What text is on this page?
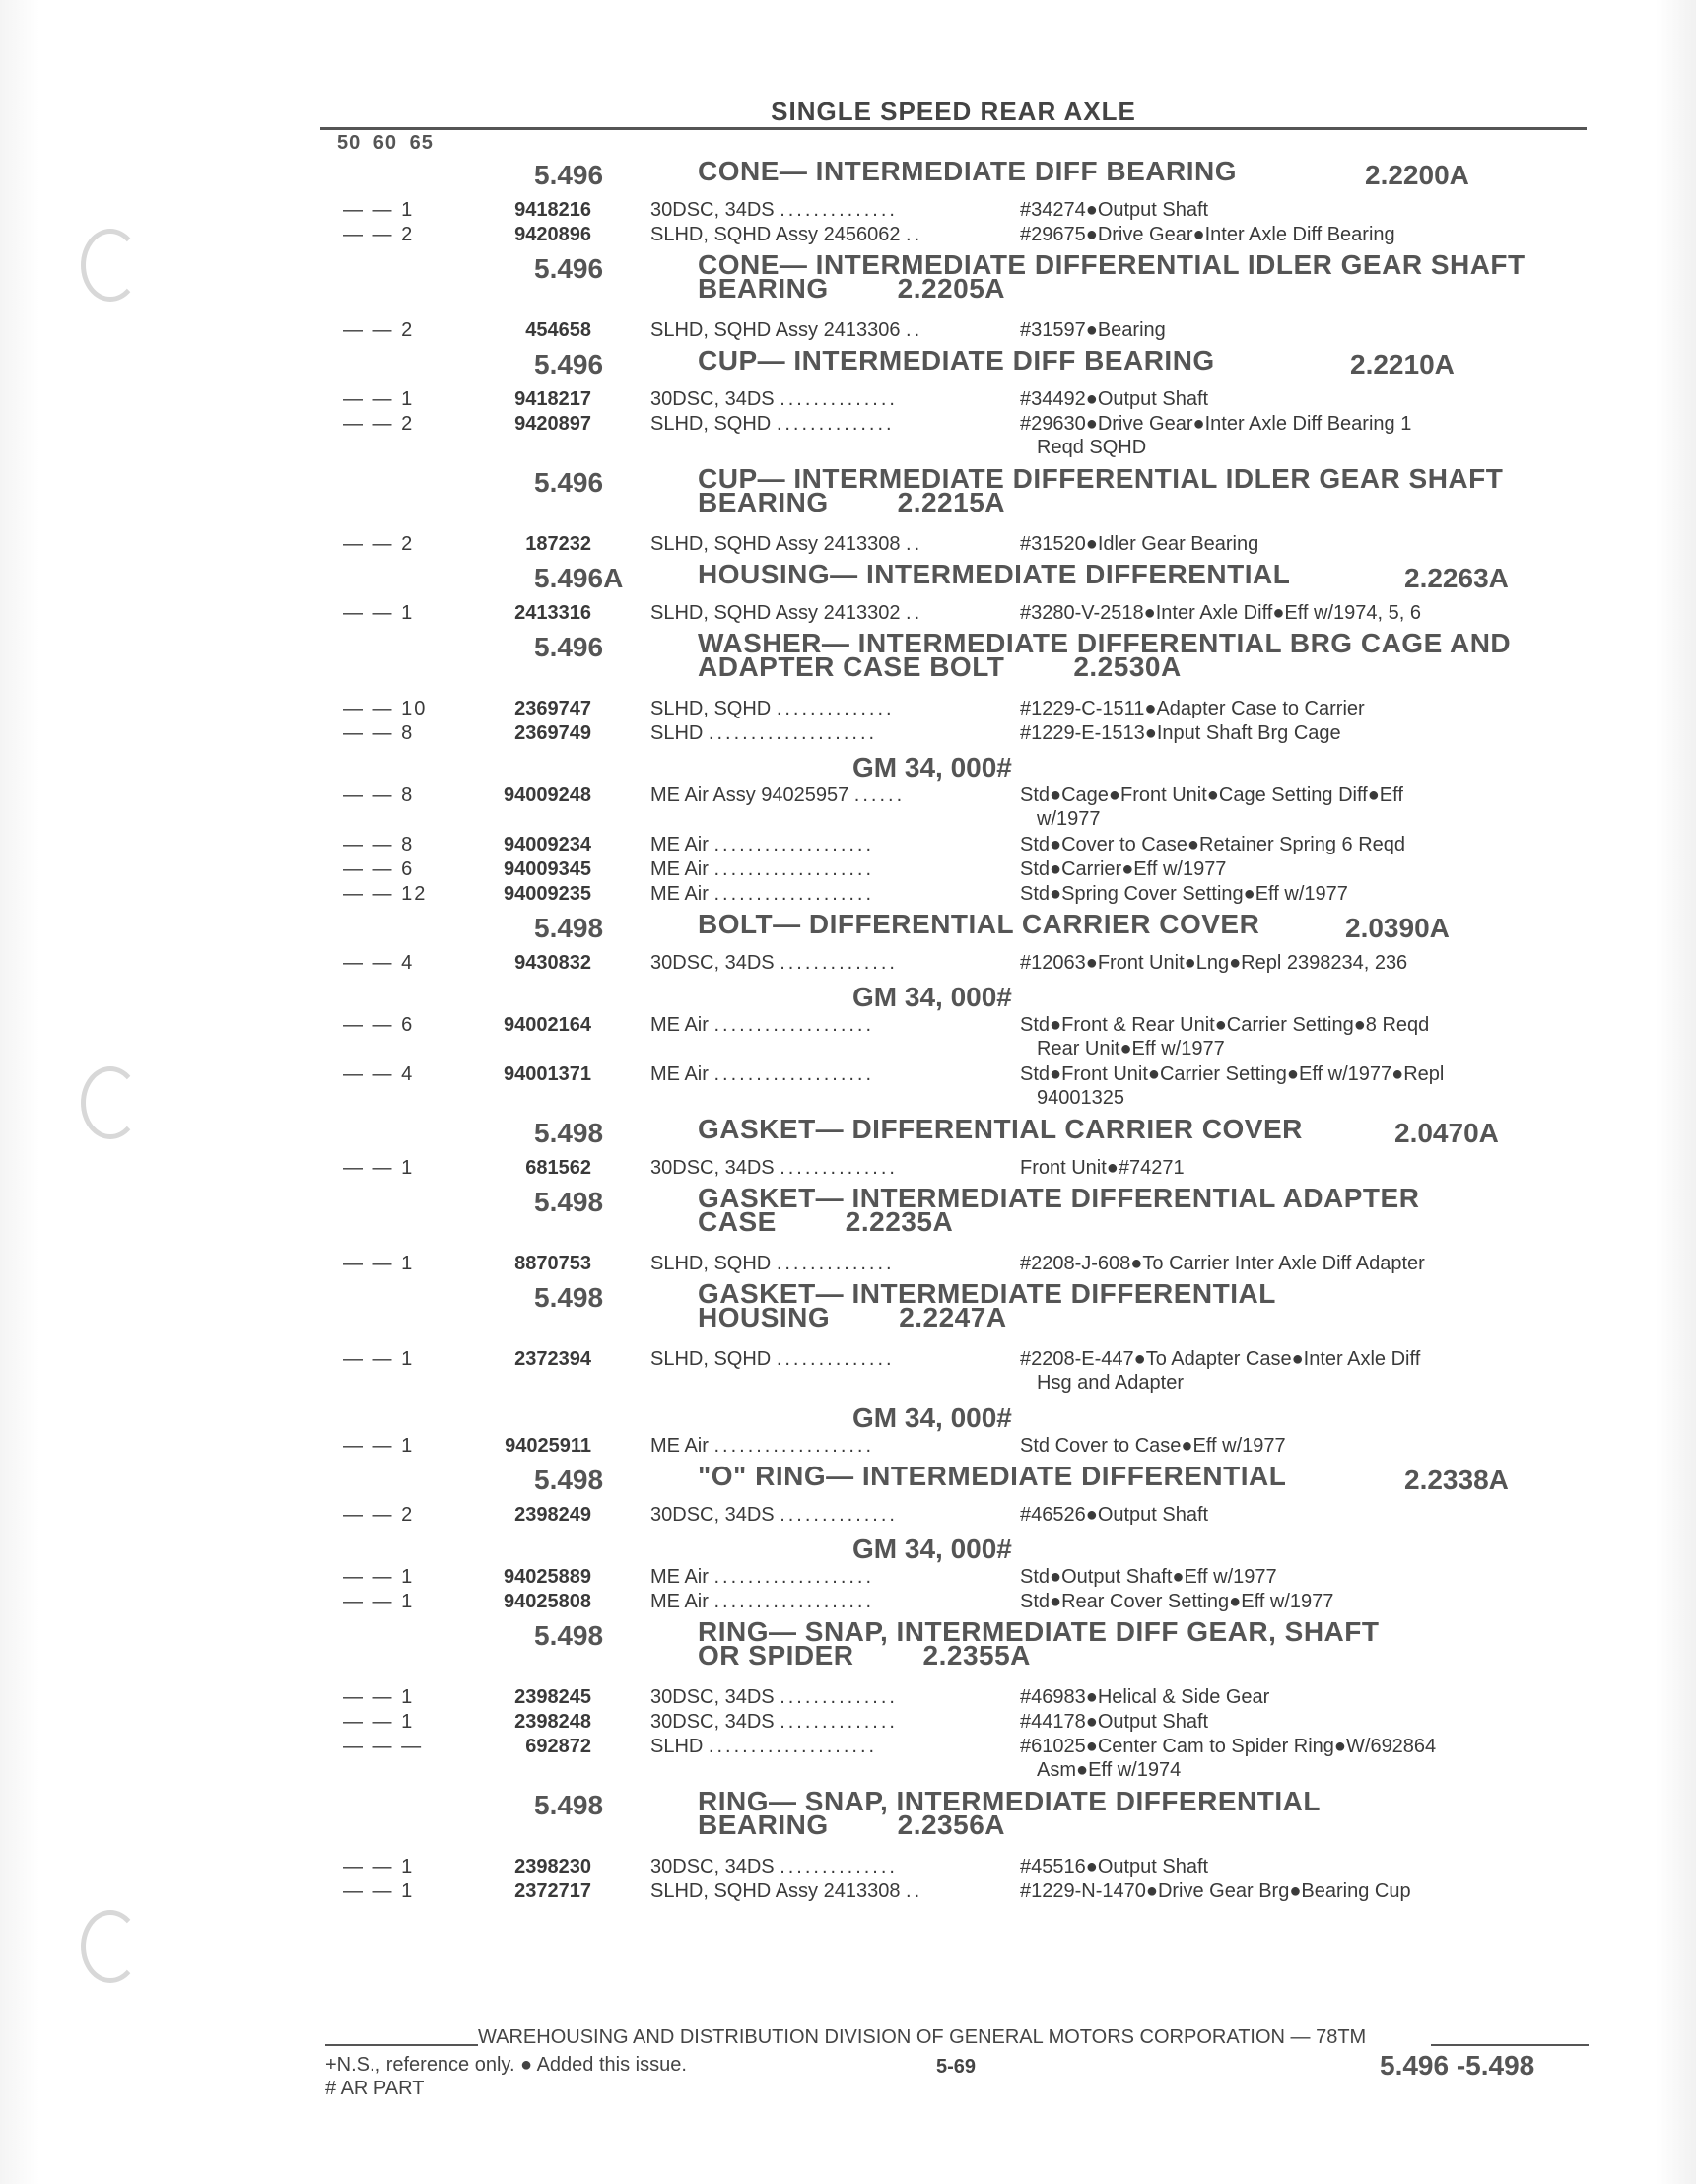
SINGLE SPEED REAR AXLE
50 60 65
5.496	CONE— INTERMEDIATE DIFF BEARING	2.2200A
— — 1	9418216	30DSC, 34DS ..............	#34274●Output Shaft
— — 2	9420896	SLHD, SQHD Assy 2456062 ..	#29675●Drive Gear●Inter Axle Diff Bearing
5.496	CONE— INTERMEDIATE DIFFERENTIAL IDLER GEAR SHAFT
BEARING	2.2205A
— — 2	454658	SLHD, SQHD Assy 2413306 ..	#31597●Bearing
5.496	CUP— INTERMEDIATE DIFF BEARING	2.2210A
— — 1	9418217	30DSC, 34DS ..............	#34492●Output Shaft
— — 2	9420897	SLHD, SQHD ..............	#29630●Drive Gear●Inter Axle Diff Bearing 1
Reqd SQHD
5.496	CUP— INTERMEDIATE DIFFERENTIAL IDLER GEAR SHAFT
BEARING	2.2215A
— — 2	187232	SLHD, SQHD Assy 2413308 ..	#31520●Idler Gear Bearing
5.496A	HOUSING— INTERMEDIATE DIFFERENTIAL	2.2263A
— — 1	2413316	SLHD, SQHD Assy 2413302 ..	#3280-V-2518●Inter Axle Diff●Eff w/1974, 5, 6
5.496	WASHER— INTERMEDIATE DIFFERENTIAL BRG CAGE AND
ADAPTER CASE BOLT	2.2530A
— — 10	2369747	SLHD, SQHD ..............	#1229-C-1511●Adapter Case to Carrier
— — 8	2369749	SLHD ....................	#1229-E-1513●Input Shaft Brg Cage
GM 34, 000#
— — 8	94009248	ME Air Assy 94025957 ......	Std●Cage●Front Unit●Cage Setting Diff●Eff
w/1977
— — 8	94009234	ME Air ...................	Std●Cover to Case●Retainer Spring 6 Reqd
— — 6	94009345	ME Air ...................	Std●Carrier●Eff w/1977
— — 12	94009235	ME Air ...................	Std●Spring Cover Setting●Eff w/1977
5.498	BOLT— DIFFERENTIAL CARRIER COVER	2.0390A
— — 4	9430832	30DSC, 34DS ..............	#12063●Front Unit●Lng●Repl 2398234, 236
GM 34, 000#
— — 6	94002164	ME Air ...................	Std●Front & Rear Unit●Carrier Setting●8 Reqd
Rear Unit●Eff w/1977
— — 4	94001371	ME Air ...................	Std●Front Unit●Carrier Setting●Eff w/1977●Repl
94001325
5.498	GASKET— DIFFERENTIAL CARRIER COVER	2.0470A
— — 1	681562	30DSC, 34DS ..............	Front Unit●#74271
5.498	GASKET— INTERMEDIATE DIFFERENTIAL ADAPTER
CASE	2.2235A
— — 1	8870753	SLHD, SQHD ..............	#2208-J-608●To Carrier Inter Axle Diff Adapter
5.498	GASKET— INTERMEDIATE DIFFERENTIAL
HOUSING	2.2247A
— — 1	2372394	SLHD, SQHD ..............	#2208-E-447●To Adapter Case●Inter Axle Diff
Hsg and Adapter
GM 34, 000#
— — 1	94025911	ME Air ...................	Std Cover to Case●Eff w/1977
5.498	"O" RING— INTERMEDIATE DIFFERENTIAL	2.2338A
— — 2	2398249	30DSC, 34DS ..............	#46526●Output Shaft
GM 34, 000#
— — 1	94025889	ME Air ...................	Std●Output Shaft●Eff w/1977
— — 1	94025808	ME Air ...................	Std●Rear Cover Setting●Eff w/1977
5.498	RING— SNAP, INTERMEDIATE DIFF GEAR, SHAFT
OR SPIDER	2.2355A
— — 1	2398245	30DSC, 34DS ..............	#46983●Helical & Side Gear
— — 1	2398248	30DSC, 34DS ..............	#44178●Output Shaft
— — —	692872	SLHD ....................	#61025●Center Cam to Spider Ring●W/692864
Asm●Eff w/1974
5.498	RING— SNAP, INTERMEDIATE DIFFERENTIAL
BEARING	2.2356A
— — 1	2398230	30DSC, 34DS ..............	#45516●Output Shaft
— — 1	2372717	SLHD, SQHD Assy 2413308 ..	#1229-N-1470●Drive Gear Brg●Bearing Cup
WAREHOUSING AND DISTRIBUTION DIVISION OF GENERAL MOTORS CORPORATION — 78TM
+N.S., reference only. ● Added this issue.
# AR PART
5-69	5.496 -5.498
